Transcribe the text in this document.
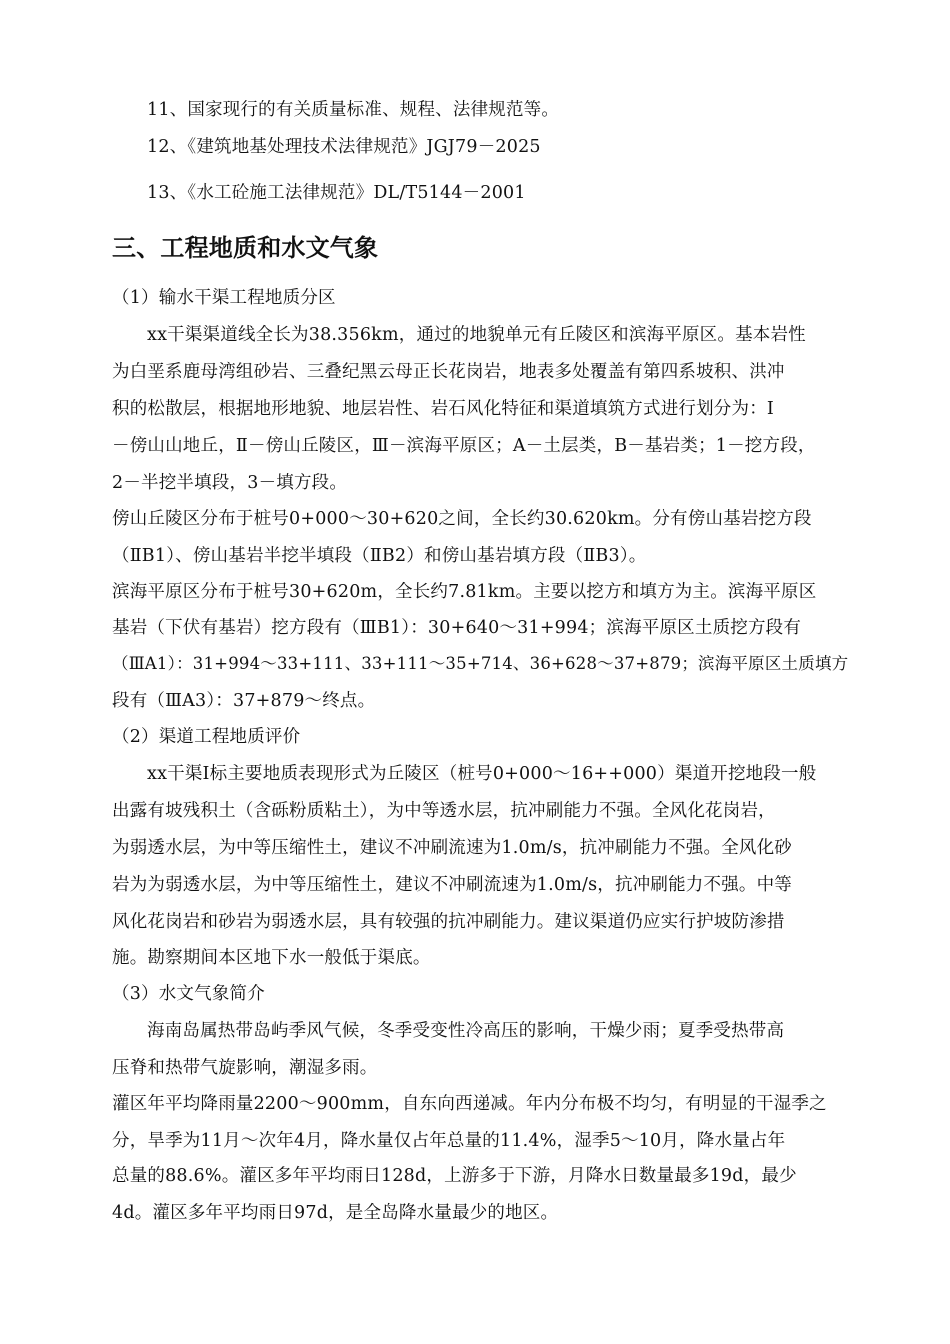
11、国家现行的有关质量标准、规程、法律规范等。
12、《建筑地基处理技术法律规范》JGJ79－2025
13、《水工砼施工法律规范》DL/T5144－2001
三、工程地质和水文气象
（1）输水干渠工程地质分区
xx干渠渠道线全长为38.356km，通过的地貌单元有丘陵区和滨海平原区。基本岩性
为白垩系鹿母湾组砂岩、三叠纪黑云母正长花岗岩，地表多处覆盖有第四系坡积、洪冲
积的松散层，根据地形地貌、地层岩性、岩石风化特征和渠道填筑方式进行划分为：Ⅰ
－傍山山地丘，Ⅱ－傍山丘陵区，Ⅲ－滨海平原区；A－土层类，B－基岩类；1－挖方段，
2－半挖半填段，3－填方段。
傍山丘陵区分布于桩号0+000～30+620之间，全长约30.620km。分有傍山基岩挖方段
（ⅡB1）、傍山基岩半挖半填段（ⅡB2）和傍山基岩填方段（ⅡB3）。
滨海平原区分布于桩号30+620m，全长约7.81km。主要以挖方和填方为主。滨海平原区
基岩（下伏有基岩）挖方段有（ⅢB1）：30+640～31+994；滨海平原区土质挖方段有
（ⅢA1）：31+994～33+111、33+111～35+714、36+628～37+879；滨海平原区土质填方
段有（ⅢA3）：37+879～终点。
（2）渠道工程地质评价
xx干渠Ⅰ标主要地质表现形式为丘陵区（桩号0+000～16++000）渠道开挖地段一般
出露有坡残积土（含砾粉质粘土），为中等透水层，抗冲刷能力不强。全风化花岗岩，
为弱透水层，为中等压缩性土，建议不冲刷流速为1.0m/s，抗冲刷能力不强。全风化砂
岩为为弱透水层，为中等压缩性土，建议不冲刷流速为1.0m/s，抗冲刷能力不强。中等
风化花岗岩和砂岩为弱透水层，具有较强的抗冲刷能力。建议渠道仍应实行护坡防渗措
施。勘察期间本区地下水一般低于渠底。
（3）水文气象简介
海南岛属热带岛屿季风气候，冬季受变性冷高压的影响，干燥少雨；夏季受热带高
压脊和热带气旋影响，潮湿多雨。
灌区年平均降雨量2200～900mm，自东向西递减。年内分布极不均匀，有明显的干湿季之
分，旱季为11月～次年4月，降水量仅占年总量的11.4%，湿季5～10月，降水量占年
总量的88.6%。灌区多年平均雨日128d，上游多于下游，月降水日数量最多19d，最少
4d。灌区多年平均雨日97d，是全岛降水量最少的地区。
